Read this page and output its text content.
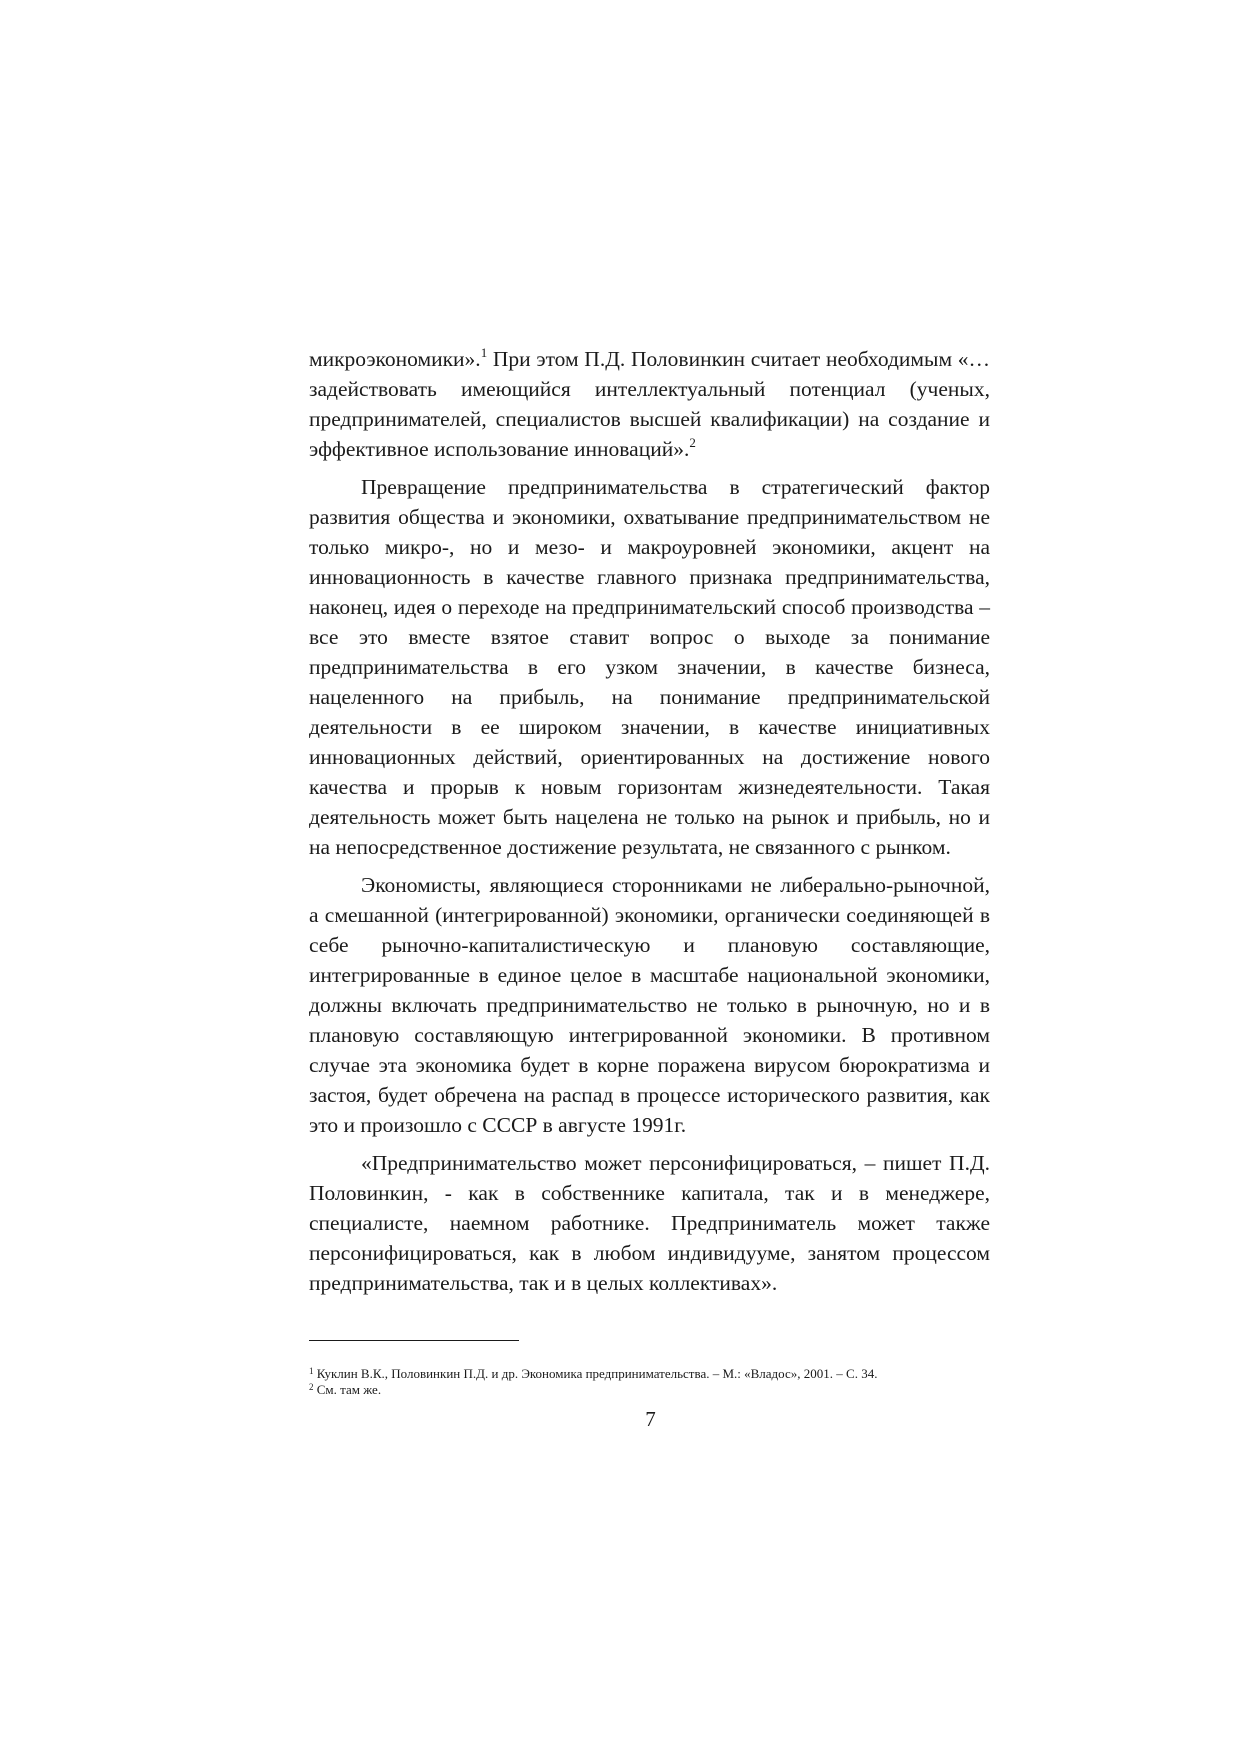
микроэкономики».$^1$ При этом П.Д. Половинкин считает необходимым «… задействовать имеющийся интеллектуальный потенциал (ученых, предпринимателей, специалистов высшей квалификации) на создание и эффективное использование инноваций».$^2$

Превращение предпринимательства в стратегический фактор развития общества и экономики, охватывание предпринимательством не только микро-, но и мезо- и макроуровней экономики, акцент на инновационность в качестве главного признака предпринимательства, наконец, идея о переходе на предпринимательский способ производства – все это вместе взятое ставит вопрос о выходе за понимание предпринимательства в его узком значении, в качестве бизнеса, нацеленного на прибыль, на понимание предпринимательской деятельности в ее широком значении, в качестве инициативных инновационных действий, ориентированных на достижение нового качества и прорыв к новым горизонтам жизнедеятельности. Такая деятельность может быть нацелена не только на рынок и прибыль, но и на непосредственное достижение результата, не связанного с рынком.

Экономисты, являющиеся сторонниками не либерально-рыночной, а смешанной (интегрированной) экономики, органически соединяющей в себе рыночно-капиталистическую и плановую составляющие, интегрированные в единое целое в масштабе национальной экономики, должны включать предпринимательство не только в рыночную, но и в плановую составляющую интегрированной экономики. В противном случае эта экономика будет в корне поражена вирусом бюрократизма и застоя, будет обречена на распад в процессе исторического развития, как это и произошло с СССР в августе 1991г.

«Предпринимательство может персонифицироваться, – пишет П.Д. Половинкин, - как в собственнике капитала, так и в менеджере, специалисте, наемном работнике. Предприниматель может также персонифицироваться, как в любом индивидууме, занятом процессом предпринимательства, так и в целых коллективах».

$^1$ Куклин В.К., Половинкин П.Д. и др. Экономика предпринимательства. – М.: «Владос», 2001. – С. 34.

$^2$ См. там же.

7
